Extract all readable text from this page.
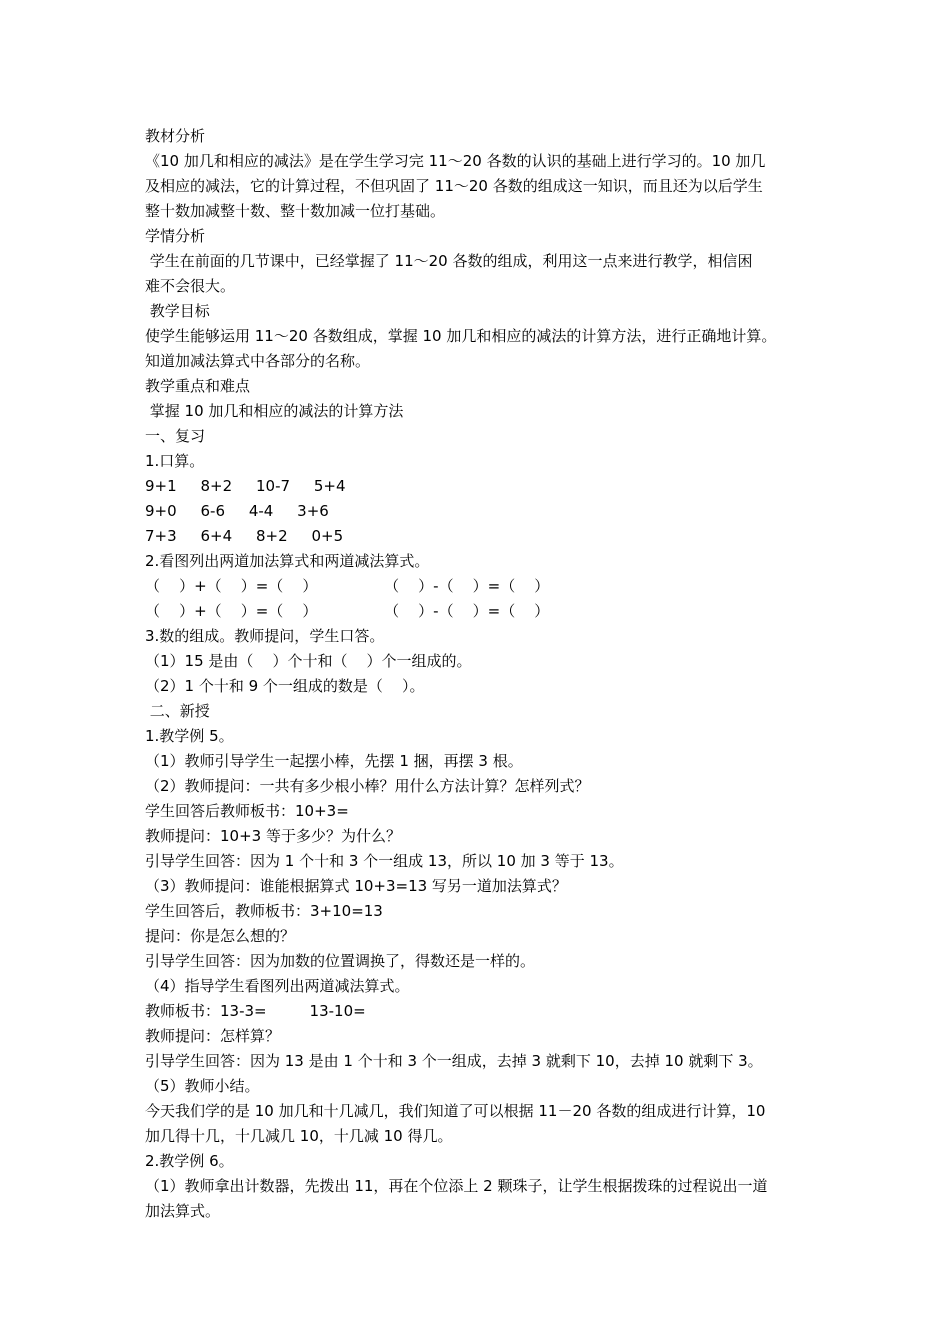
教材分析
《10 加几和相应的减法》是在学生学习完 11～20 各数的认识的基础上进行学习的。10 加几
及相应的减法，它的计算过程，不但巩固了 11～20 各数的组成这一知识，而且还为以后学生
整十数加减整十数、整十数加减一位打基础。
学情分析
学生在前面的几节课中，已经掌握了 11～20 各数的组成，利用这一点来进行教学，相信困
难不会很大。
教学目标
使学生能够运用 11～20 各数组成，掌握 10 加几和相应的减法的计算方法，进行正确地计算。
知道加减法算式中各部分的名称。
教学重点和难点
掌握 10 加几和相应的减法的计算方法
一、复习
1.口算。
9+1     8+2     10-7     5+4
9+0     6-6     4-4     3+6
7+3     6+4     8+2     0+5
2.看图列出两道加法算式和两道减法算式。
（    ）+（    ）=（    ）              （    ）-（    ）=（    ）
（    ）+（    ）=（    ）              （    ）-（    ）=（    ）
3.数的组成。教师提问，学生口答。
（1）15 是由（    ）个十和（    ）个一组成的。
（2）1 个十和 9 个一组成的数是（    ）。
二、新授
1.教学例 5。
（1）教师引导学生一起摆小棒，先摆 1 捆，再摆 3 根。
（2）教师提问：一共有多少根小棒？用什么方法计算？怎样列式？
学生回答后教师板书：10+3=
教师提问：10+3 等于多少？为什么？
引导学生回答：因为 1 个十和 3 个一组成 13，所以 10 加 3 等于 13。
（3）教师提问：谁能根据算式 10+3=13 写另一道加法算式？
学生回答后，教师板书：3+10=13
提问：你是怎么想的？
引导学生回答：因为加数的位置调换了，得数还是一样的。
（4）指导学生看图列出两道减法算式。
教师板书：13-3=         13-10=
教师提问：怎样算？
引导学生回答：因为 13 是由 1 个十和 3 个一组成，去掉 3 就剩下 10，去掉 10 就剩下 3。
（5）教师小结。
今天我们学的是 10 加几和十几减几，我们知道了可以根据 11－20 各数的组成进行计算，10
加几得十几，十几减几 10，十几减 10 得几。
2.教学例 6。
（1）教师拿出计数器，先拨出 11，再在个位添上 2 颗珠子，让学生根据拨珠的过程说出一道
加法算式。
